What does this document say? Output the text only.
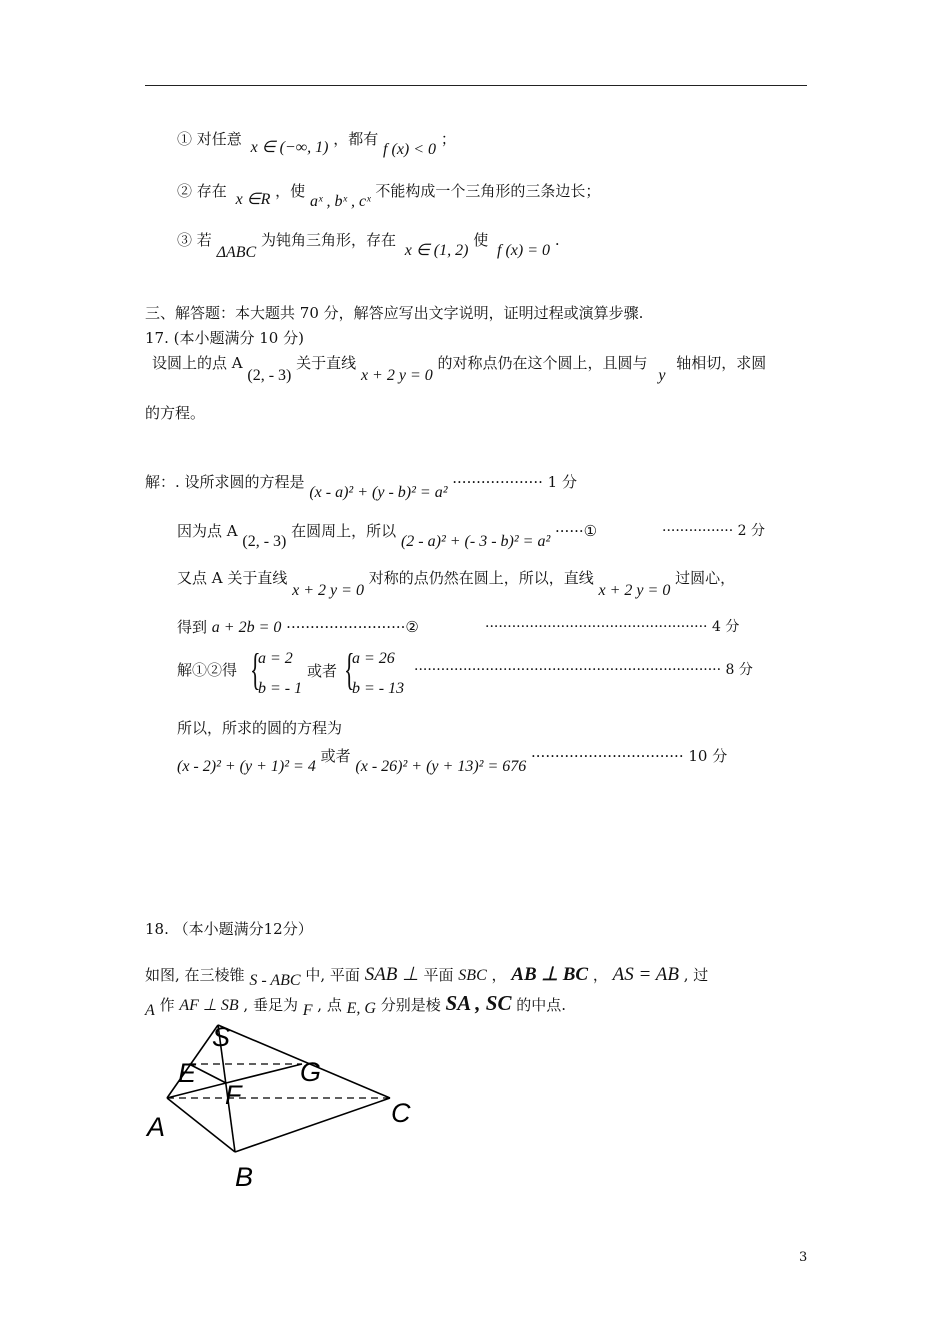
① 对任意 x ∈ (−∞, 1) ，都有 f (x) < 0 ；
② 存在 x ∈R ，使 aˣ , bˣ , cˣ 不能构成一个三角形的三条边长；
③ 若 ΔABC 为钝角三角形，存在 x ∈ (1, 2) 使 f (x) = 0 .
三、解答题：本大题共 70 分，解答应写出文字说明，证明过程或演算步骤.
17. (本小题满分 10 分)
设圆上的点 A (2, - 3) 关于直线 x + 2 y = 0 的对称点仍在这个圆上，且圆与 y 轴相切，求圆
的方程。
解：. 设所求圆的方程是 (x - a)² + (y - b)² = a² ··················· 1 分
因为点 A (2, - 3) 在圆周上，所以 (2 - a)² + (- 3 - b)² = a² ······①	················ 2 分
又点 A 关于直线 x + 2 y = 0 对称的点仍然在圆上，所以，直线 x + 2 y = 0 过圆心，
得到 a + 2b = 0 ·························②	·················································· 4 分
解①②得 {
a = 2
b = - 1
或者 {
a = 26
b = - 13
····································································· 8 分
所以，所求的圆的方程为
(x - 2)² + (y + 1)² = 4 或者 (x - 26)² + (y + 13)² = 676 ································ 10 分
18. （本小题满分12分）
如图, 在三棱锥 S - ABC 中, 平面 SAB ⊥ 平面 SBC ， AB ⊥ BC ， AS = AB , 过
A 作 AF ⊥ SB , 垂足为 F , 点 E, G 分别是棱 SA , SC 的中点.
S
E	G
F
A	C
B
3
